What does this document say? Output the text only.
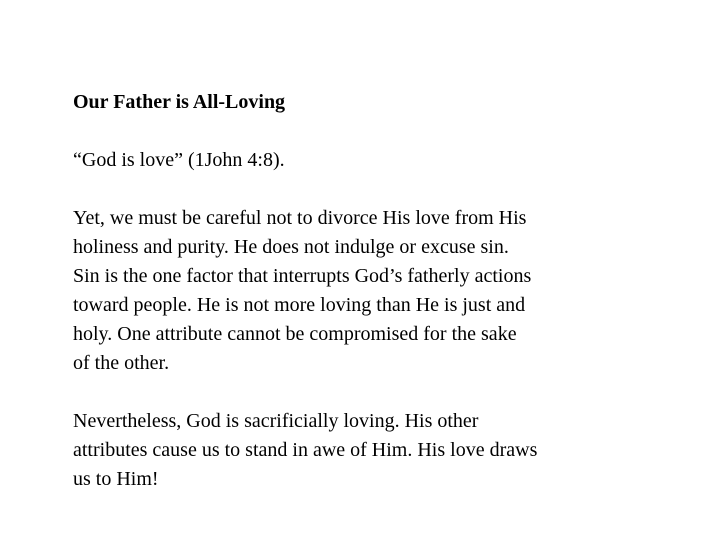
Our Father is All-Loving

“God is love” (1John 4:8).

Yet, we must be careful not to divorce His love from His
holiness and purity. He does not indulge or excuse sin.
Sin is the one factor that interrupts God’s fatherly actions
toward people. He is not more loving than He is just and
holy. One attribute cannot be compromised for the sake
of the other.

Nevertheless, God is sacrificially loving. His other
attributes cause us to stand in awe of Him. His love draws
us to Him!
